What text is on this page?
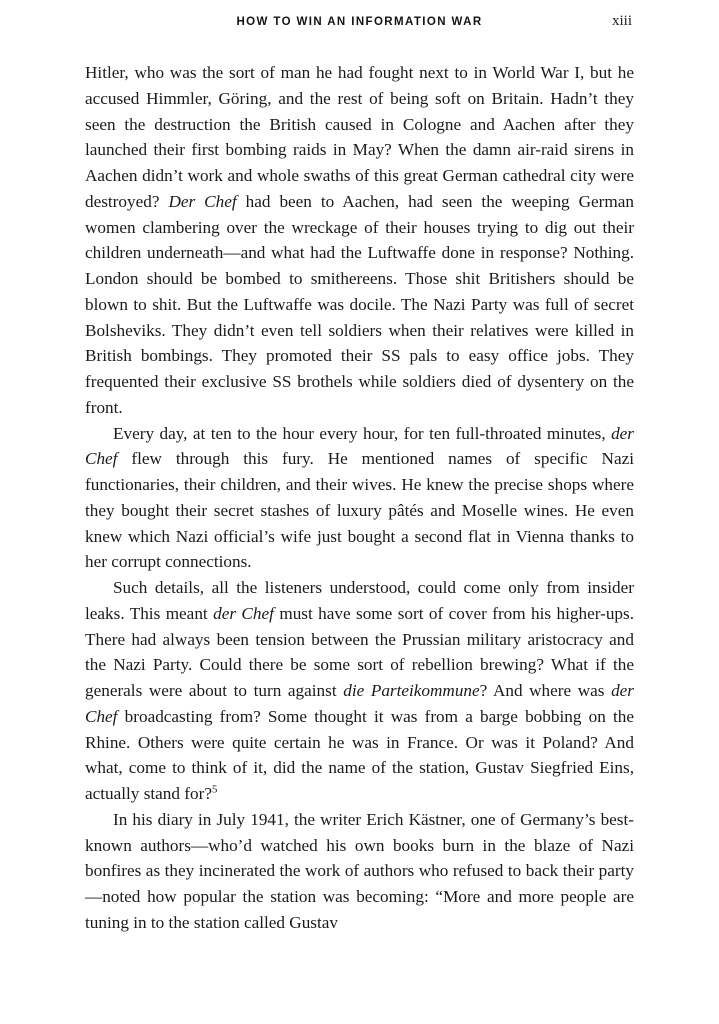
HOW TO WIN AN INFORMATION WAR	xiii

Hitler, who was the sort of man he had fought next to in World War I, but he accused Himmler, Göring, and the rest of being soft on Britain. Hadn’t they seen the destruction the British caused in Cologne and Aachen after they launched their first bombing raids in May? When the damn air-raid sirens in Aachen didn’t work and whole swaths of this great German cathedral city were destroyed? Der Chef had been to Aachen, had seen the weeping German women clambering over the wreckage of their houses trying to dig out their children underneath—and what had the Luftwaffe done in response? Nothing. London should be bombed to smithereens. Those shit Britishers should be blown to shit. But the Luftwaffe was docile. The Nazi Party was full of secret Bolsheviks. They didn’t even tell soldiers when their relatives were killed in British bombings. They promoted their SS pals to easy office jobs. They frequented their exclusive SS brothels while soldiers died of dysentery on the front.

Every day, at ten to the hour every hour, for ten full-throated minutes, der Chef flew through this fury. He mentioned names of specific Nazi functionaries, their children, and their wives. He knew the precise shops where they bought their secret stashes of luxury pâtés and Moselle wines. He even knew which Nazi official’s wife just bought a second flat in Vienna thanks to her corrupt connections.

Such details, all the listeners understood, could come only from insider leaks. This meant der Chef must have some sort of cover from his higher-ups. There had always been tension between the Prussian military aristocracy and the Nazi Party. Could there be some sort of rebellion brewing? What if the generals were about to turn against die Parteikommune? And where was der Chef broadcasting from? Some thought it was from a barge bobbing on the Rhine. Others were quite certain he was in France. Or was it Poland? And what, come to think of it, did the name of the station, Gustav Siegfried Eins, actually stand for?$^5$

In his diary in July 1941, the writer Erich Kästner, one of Germany’s best-known authors—who’d watched his own books burn in the blaze of Nazi bonfires as they incinerated the work of authors who refused to back their party—noted how popular the station was becoming: “More and more people are tuning in to the station called Gustav
